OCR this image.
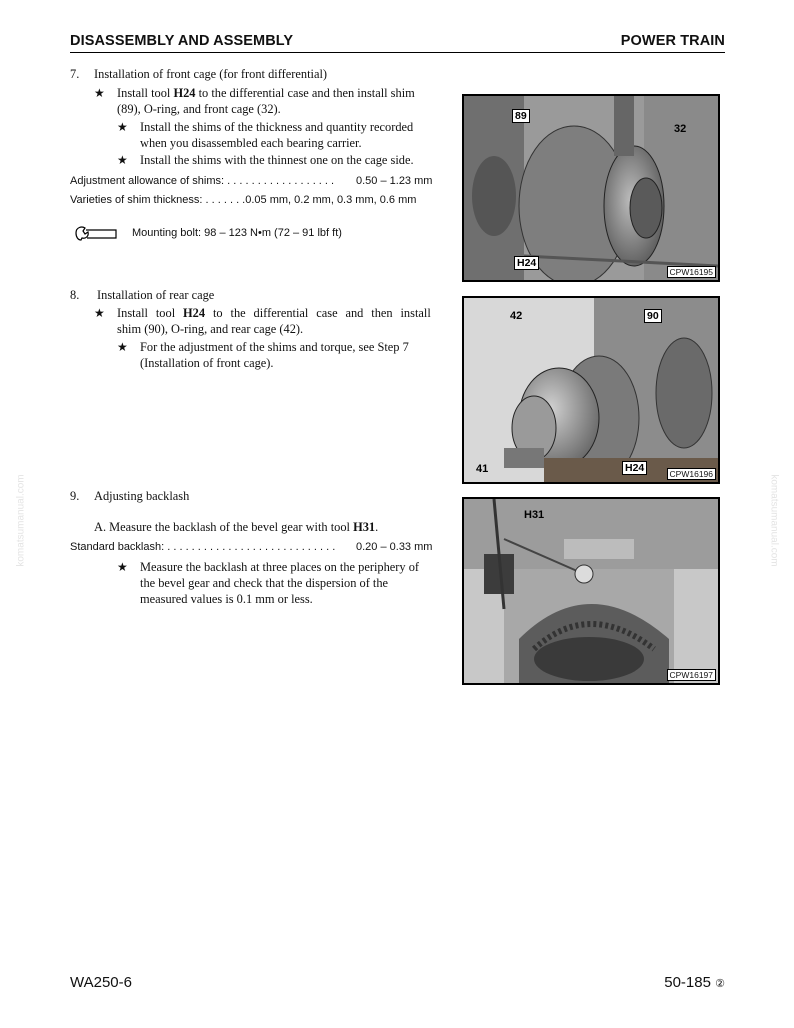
DISASSEMBLY AND ASSEMBLY	POWER TRAIN
7. Installation of front cage (for front differential)
★ Install tool H24 to the differential case and then install shim
(89), O-ring, and front cage (32).
★ Install the shims of the thickness and quantity recorded
when you disassembled each bearing carrier.
★ Install the shims with the thinnest one on the cage side.
Adjustment allowance of shims: . . . . . . . . . . . . . . . . . . 0.50 – 1.23 mm
Varieties of shim thickness: . . . . . . .0.05 mm, 0.2 mm, 0.3 mm, 0.6 mm
Mounting bolt: 98 – 123 N•m (72 – 91 lbf ft)
8. Installation of rear cage
★ Install tool H24 to the differential case and then install
shim (90), O-ring, and rear cage (42).
★ For the adjustment of the shims and torque, see Step 7
(Installation of front cage).
9. Adjusting backlash
A. Measure the backlash of the bevel gear with tool H31.
Standard backlash: . . . . . . . . . . . . . . . . . . . . . . . . . . . . 0.20 – 0.33 mm
★ Measure the backlash at three places on the periphery of
the bevel gear and check that the dispersion of the
measured values is 0.1 mm or less.
89
32
H24
CPW16195
42	90
41	H24	CPW16196
H31
CPW16197
komatsumanual.com	komatsumanual.com
WA250-6	50-185 ②
